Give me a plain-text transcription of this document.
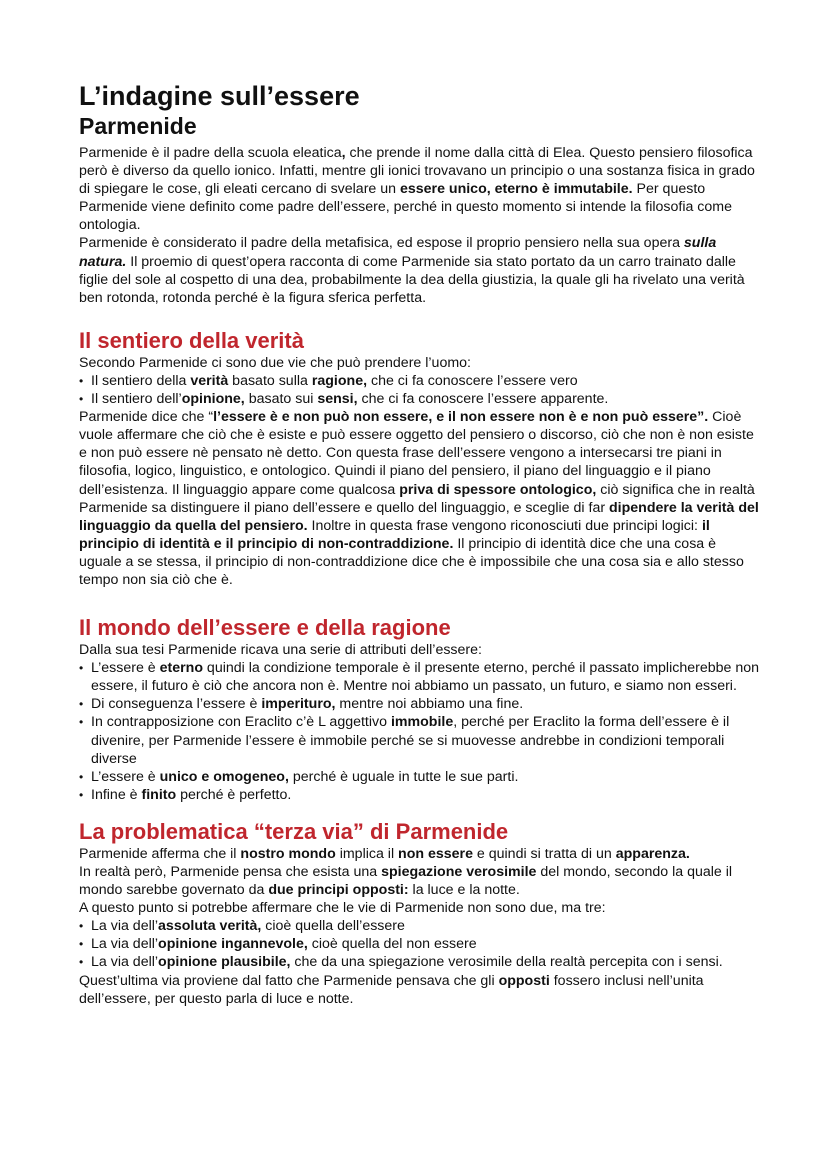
L’indagine sull’essere
Parmenide

Parmenide è il padre della scuola eleatica, che prende il nome dalla città di Elea. Questo pensiero filosofica però è diverso da quello ionico. Infatti, mentre gli ionici trovavano un principio o una sostanza fisica in grado di spiegare le cose, gli eleati cercano di svelare un essere unico, eterno è immutabile. Per questo Parmenide viene definito come padre dell’essere, perché in questo momento si intende la filosofia come ontologia.

Parmenide è considerato il padre della metafisica, ed espose il proprio pensiero nella sua opera sulla natura. Il proemio di quest’opera racconta di come Parmenide sia stato portato da un carro trainato dalle figlie del sole al cospetto di una dea, probabilmente la dea della giustizia, la quale gli ha rivelato una verità ben rotonda, rotonda perché è la figura sferica perfetta.

Il sentiero della verità

Secondo Parmenide ci sono due vie che può prendere l’uomo:

• Il sentiero della verità basato sulla ragione, che ci fa conoscere l’essere vero
• Il sentiero dell’opinione, basato sui sensi, che ci fa conoscere l’essere apparente.

Parmenide dice che “l’essere è e non può non essere, e il non essere non è e non può essere”. Cioè vuole affermare che ciò che è esiste e può essere oggetto del pensiero o discorso, ciò che non è non esiste e non può essere nè pensato nè detto. Con questa frase dell’essere vengono a intersecarsi tre piani in filosofia, logico, linguistico, e ontologico. Quindi il piano del pensiero, il piano del linguaggio e il piano dell’esistenza. Il linguaggio appare come qualcosa priva di spessore ontologico, ciò significa che in realtà Parmenide sa distinguere il piano dell’essere e quello del linguaggio, e sceglie di far dipendere la verità del linguaggio da quella del pensiero. Inoltre in questa frase vengono riconosciuti due principi logici: il principio di identità e il principio di non-contraddizione. Il principio di identità dice che una cosa è uguale a se stessa, il principio di non-contraddizione dice che è impossibile che una cosa sia e allo stesso tempo non sia ciò che è.

Il mondo dell’essere e della ragione

Dalla sua tesi Parmenide ricava una serie di attributi dell’essere:

• L’essere è eterno quindi la condizione temporale è il presente eterno, perché il passato implicherebbe non essere, il futuro è ciò che ancora non è. Mentre noi abbiamo un passato, un futuro, e siamo non esseri.
• Di conseguenza l’essere è imperituro, mentre noi abbiamo una fine.
• In contrapposizione con Eraclito c’è L aggettivo immobile, perché per Eraclito la forma dell’essere è il divenire, per Parmenide l’essere è immobile perché se si muovesse andrebbe in condizioni temporali diverse
• L’essere è unico e omogeneo, perché è uguale in tutte le sue parti.
• Infine è finito perché è perfetto.
La problematica “terza via” di Parmenide

Parmenide afferma che il nostro mondo implica il non essere e quindi si tratta di un apparenza.

In realtà però, Parmenide pensa che esista una spiegazione verosimile del mondo, secondo la quale il mondo sarebbe governato da due principi opposti: la luce e la notte.

A questo punto si potrebbe affermare che le vie di Parmenide non sono due, ma tre:

• La via dell’assoluta verità, cioè quella dell’essere
• La via dell’opinione ingannevole, cioè quella del non essere
• La via dell’opinione plausibile, che da una spiegazione verosimile della realtà percepita con i sensi.

Quest’ultima via proviene dal fatto che Parmenide pensava che gli opposti fossero inclusi nell’unita dell’essere, per questo parla di luce e notte.
